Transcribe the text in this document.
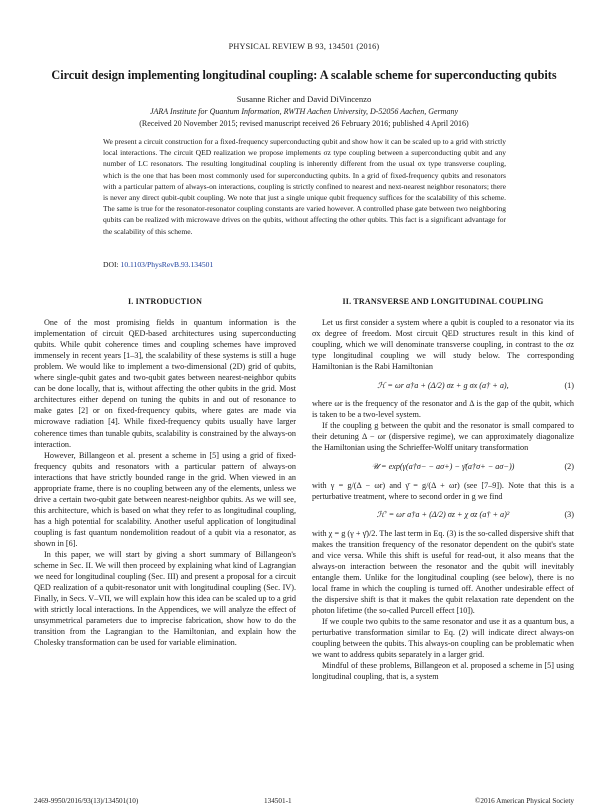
PHYSICAL REVIEW B 93, 134501 (2016)
Circuit design implementing longitudinal coupling: A scalable scheme for superconducting qubits
Susanne Richer and David DiVincenzo
JARA Institute for Quantum Information, RWTH Aachen University, D-52056 Aachen, Germany
(Received 20 November 2015; revised manuscript received 26 February 2016; published 4 April 2016)
We present a circuit construction for a fixed-frequency superconducting qubit and show how it can be scaled up to a grid with strictly local interactions. The circuit QED realization we propose implements σz type coupling between a superconducting qubit and any number of LC resonators. The resulting longitudinal coupling is inherently different from the usual σx type transverse coupling, which is the one that has been most commonly used for superconducting qubits. In a grid of fixed-frequency qubits and resonators with a particular pattern of always-on interactions, coupling is strictly confined to nearest and next-nearest neighbor resonators; there is never any direct qubit-qubit coupling. We note that just a single unique qubit frequency suffices for the scalability of this scheme. The same is true for the resonator-resonator coupling constants are varied however. A controlled phase gate between two neighboring qubits can be realized with microwave drives on the qubits, without affecting the other qubits. This fact is a significant advantage for the scalability of this scheme.
DOI: 10.1103/PhysRevB.93.134501
I. INTRODUCTION

One of the most promising fields in quantum information is the implementation of circuit QED-based architectures using superconducting qubits. While qubit coherence times and coupling schemes have improved immensely in recent years [1–3], the scalability of these systems is still a huge problem. We would like to implement a two-dimensional (2D) grid of qubits, where single-qubit gates and two-qubit gates between nearest-neighbor qubits can be done locally, that is, without affecting the other qubits in the grid. Most architectures either depend on tuning the qubits in and out of resonance to make gates [2] or on fixed-frequency qubits, where gates are made via microwave radiation [4]. While fixed-frequency qubits usually have larger coherence times than tunable qubits, scalability is constrained by the always-on interaction.

However, Billangeon et al. present a scheme in [5] using a grid of fixed-frequency qubits and resonators with a particular pattern of always-on interactions that have strictly bounded range in the grid. When viewed in an appropriate frame, there is no coupling between any of the elements, unless we drive a certain two-qubit gate between nearest-neighbor qubits. As we will see, this architecture, which is based on what they refer to as longitudinal coupling, has a high potential for scalability. Another useful application of longitudinal coupling is fast quantum nondemolition readout of a qubit via a resonator, as shown in [6].

In this paper, we will start by giving a short summary of Billangeon's scheme in Sec. II. We will then proceed by explaining what kind of Lagrangian we need for longitudinal coupling (Sec. III) and present a proposal for a circuit QED realization of a qubit-resonator unit with longitudinal coupling (Sec. IV). Finally, in Secs. V–VII, we will explain how this idea can be scaled up to a grid with strictly local interactions. In the Appendices, we will analyze the effect of unsymmetrical parameters due to imprecise fabrication, show how to do the transition from the Lagrangian to the Hamiltonian, and explain how the Cholesky transformation can be used for variable elimination.

II. TRANSVERSE AND LONGITUDINAL COUPLING

Let us first consider a system where a qubit is coupled to a resonator via its σx degree of freedom. Most circuit QED structures result in this kind of coupling, which we will denominate transverse coupling, in contrast to the σz type longitudinal coupling we will study below. The corresponding Hamiltonian is the Rabi Hamiltonian

ℋ = ωr a†a + (Δ/2) σz + g σx (a† + a),	(1)

where ωr is the frequency of the resonator and Δ is the gap of the qubit, which is taken to be a two-level system.

If the coupling g between the qubit and the resonator is small compared to their detuning Δ − ωr (dispersive regime), we can approximately diagonalize the Hamiltonian using the Schrieffer-Wolff unitary transformation

𝒰 = exp(γ(a†σ− − aσ+) − γ̄(a†σ+ − aσ−))	(2)

with γ = g/(Δ − ωr) and γ̄ = g/(Δ + ωr) (see [7–9]). Note that this is a perturbative treatment, where to second order in g we find

ℋ′ = ωr a†a + (Δ/2) σz + χ σz (a† + a)²	(3)

with χ = g (γ + γ̄)/2. The last term in Eq. (3) is the so-called dispersive shift that makes the transition frequency of the resonator dependent on the qubit's state and vice versa. While this shift is useful for read-out, it also means that the always-on interaction between the resonator and the qubit will inevitably entangle them. Unlike for the longitudinal coupling (see below), there is no local frame in which the coupling is turned off. Another undesirable effect of the dispersive shift is that it makes the qubit relaxation rate dependent on the photon lifetime (the so-called Purcell effect [10]).

If we couple two qubits to the same resonator and use it as a quantum bus, a perturbative transformation similar to Eq. (2) will indicate direct always-on coupling between the qubits. This always-on coupling can be problematic when we want to address qubits separately in a larger grid.

Mindful of these problems, Billangeon et al. proposed a scheme in [5] using longitudinal coupling, that is, a system

2469-9950/2016/93(13)/134501(10)	134501-1	©2016 American Physical Society
